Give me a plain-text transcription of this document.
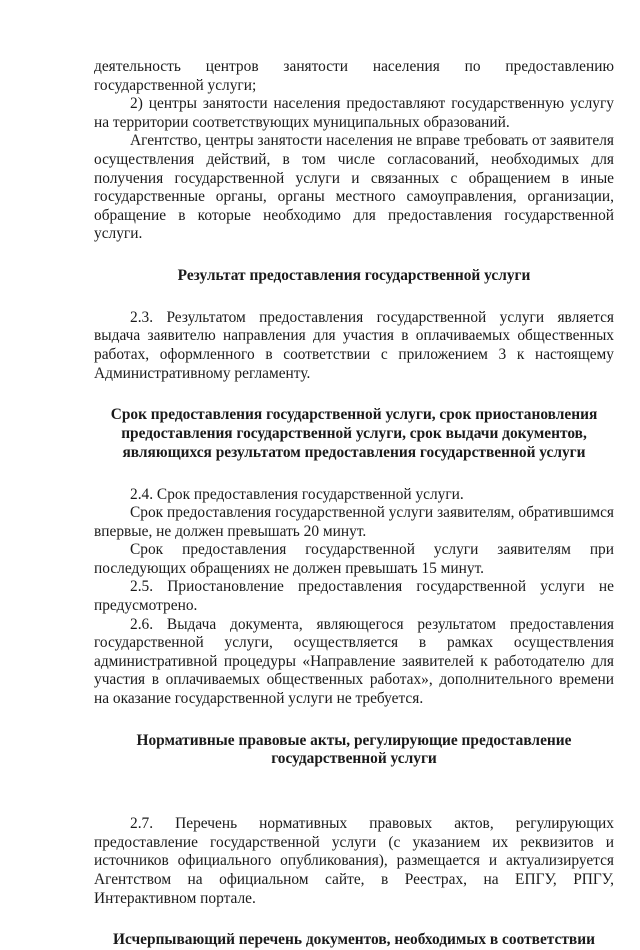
деятельность центров занятости населения по предоставлению государственной услуги;

2) центры занятости населения предоставляют государственную услугу на территории соответствующих муниципальных образований.

Агентство, центры занятости населения не вправе требовать от заявителя осуществления действий, в том числе согласований, необходимых для получения государственной услуги и связанных с обращением в иные государственные органы, органы местного самоуправления, организации, обращение в которые необходимо для предоставления государственной услуги.

Результат предоставления государственной услуги

2.3. Результатом предоставления государственной услуги является выдача заявителю направления для участия в оплачиваемых общественных работах, оформленного в соответствии с приложением 3 к настоящему Административному регламенту.

Срок предоставления государственной услуги, срок приостановления предоставления государственной услуги, срок выдачи документов, являющихся результатом предоставления государственной услуги

2.4. Срок предоставления государственной услуги.

Срок предоставления государственной услуги заявителям, обратившимся впервые, не должен превышать 20 минут.

Срок предоставления государственной услуги заявителям при последующих обращениях не должен превышать 15 минут.

2.5. Приостановление предоставления государственной услуги не предусмотрено.

2.6. Выдача документа, являющегося результатом предоставления государственной услуги, осуществляется в рамках осуществления административной процедуры «Направление заявителей к работодателю для участия в оплачиваемых общественных работах», дополнительного времени на оказание государственной услуги не требуется.

Нормативные правовые акты, регулирующие предоставление государственной услуги

2.7. Перечень нормативных правовых актов, регулирующих предоставление государственной услуги (с указанием их реквизитов и источников официального опубликования), размещается и актуализируется Агентством на официальном сайте, в Реестрах, на ЕПГУ, РПГУ, Интерактивном портале.

Исчерпывающий перечень документов, необходимых в соответствии
